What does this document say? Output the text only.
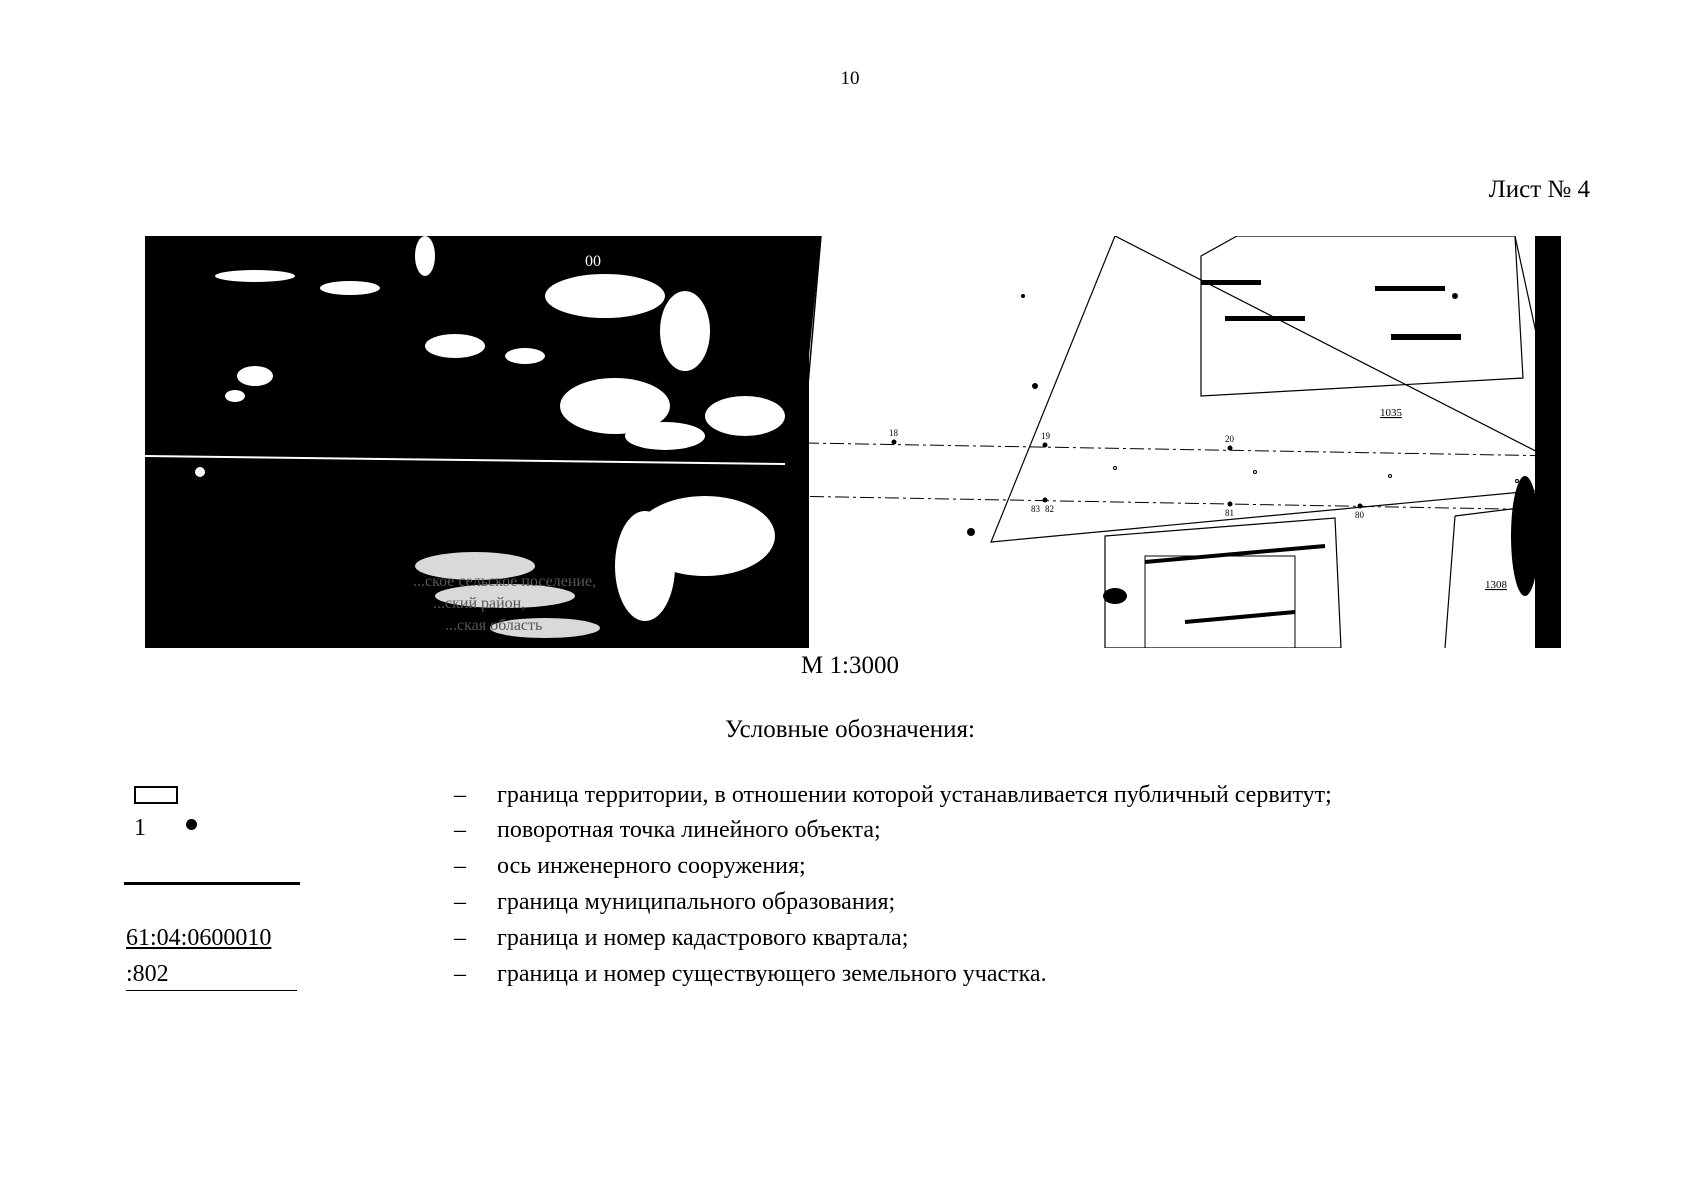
10
Лист № 4
...ское сельское поселение,
...ский район,
...ская область
00
18	19	20
83 82	81	80
1035
1308
М 1:3000
Условные обозначения:
– граница территории, в отношении которой устанавливается публичный сервитут;
1	– поворотная точка линейного объекта;
– ось инженерного сооружения;
– граница муниципального образования;
61:04:0600010	– граница и номер кадастрового квартала;
:802	– граница и номер существующего земельного участка.
